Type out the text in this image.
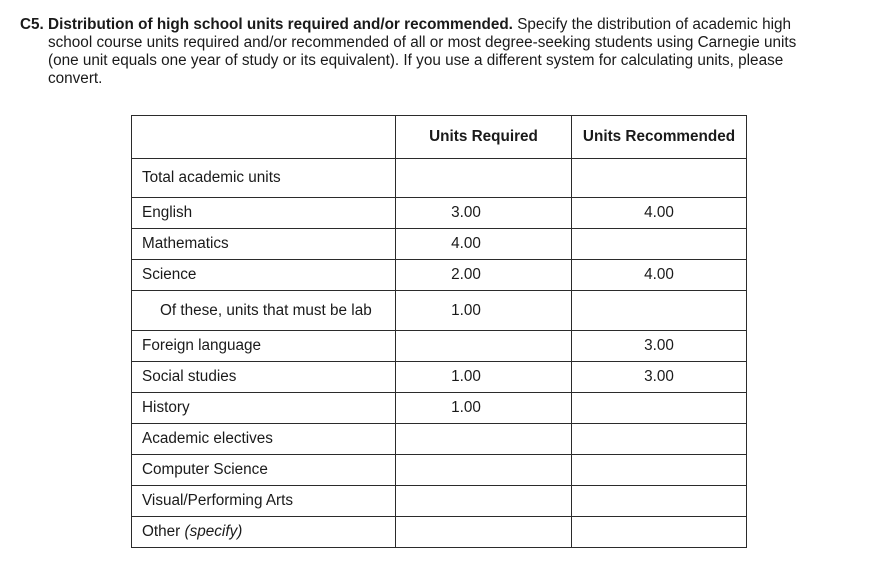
C5. Distribution of high school units required and/or recommended. Specify the distribution of academic high
school course units required and/or recommended of all or most degree-seeking students using Carnegie units
(one unit equals one year of study or its equivalent). If you use a different system for calculating units, please
convert.
	Units Required	Units Recommended
Total academic units		
English	3.00	4.00
Mathematics	4.00	
Science	2.00	4.00
Of these, units that must be lab	1.00	
Foreign language		3.00
Social studies	1.00	3.00
History	1.00	
Academic electives		
Computer Science		
Visual/Performing Arts		
Other (specify)		
